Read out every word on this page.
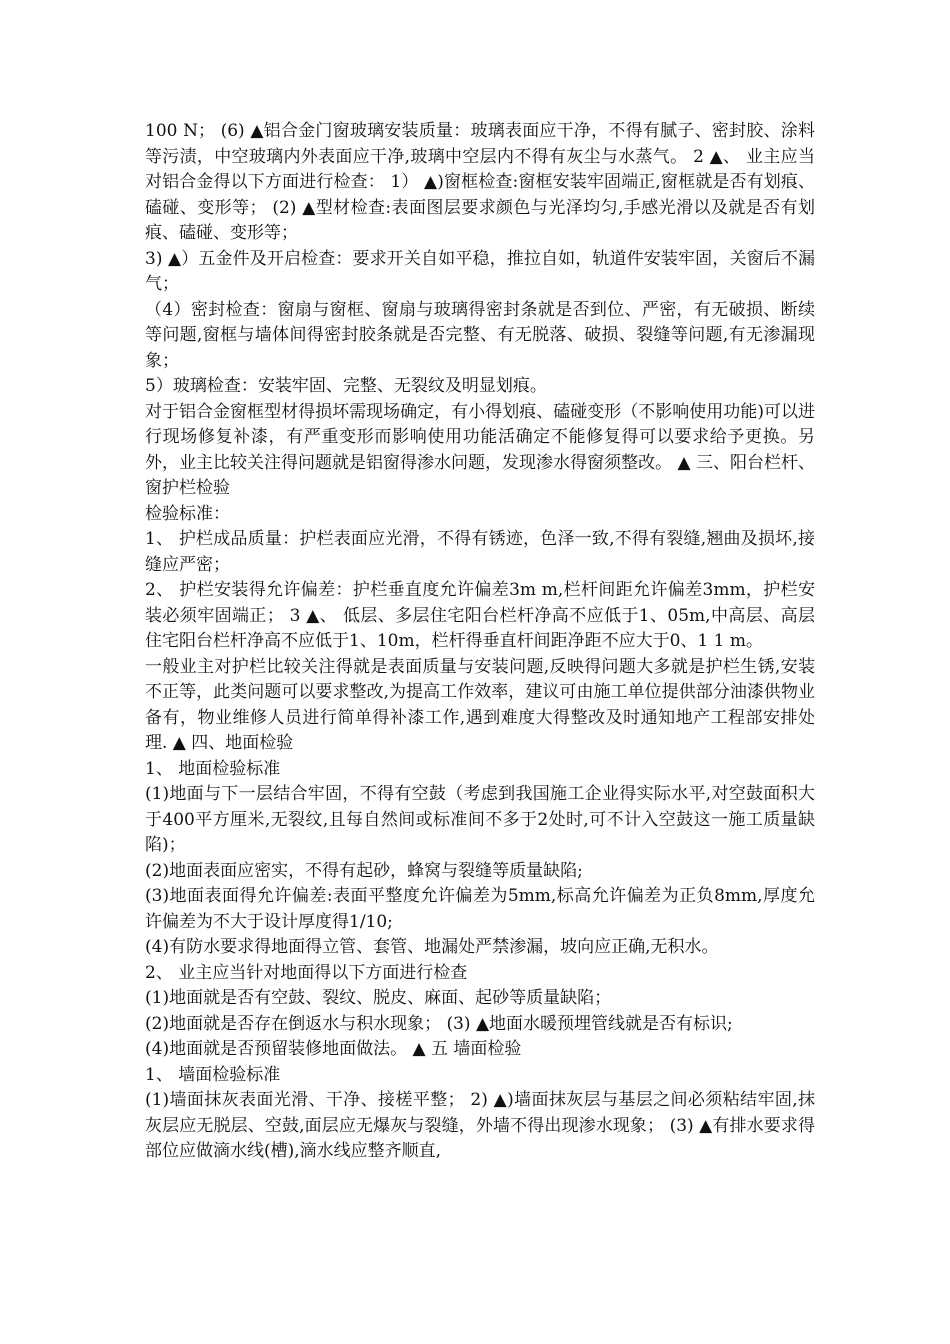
100 N； (6) ▲铝合金门窗玻璃安装质量：玻璃表面应干净，不得有腻子、密封胶、涂料等污渍，中空玻璃内外表面应干净,玻璃中空层内不得有灰尘与水蒸气。 2 ▲、 业主应当对铝合金得以下方面进行检查： 1） ▲)窗框检查:窗框安装牢固端正,窗框就是否有划痕、磕碰、变形等； (2) ▲型材检查:表面图层要求颜色与光泽均匀,手感光滑以及就是否有划痕、磕碰、变形等；

3) ▲）五金件及开启检查：要求开关自如平稳，推拉自如，轨道件安装牢固，关窗后不漏气；

（4）密封检查：窗扇与窗框、窗扇与玻璃得密封条就是否到位、严密，有无破损、断续等问题,窗框与墙体间得密封胶条就是否完整、有无脱落、破损、裂缝等问题,有无渗漏现象；

5）玻璃检查：安装牢固、完整、无裂纹及明显划痕。

对于铝合金窗框型材得损坏需现场确定，有小得划痕、磕碰变形（不影响使用功能)可以进行现场修复补漆，有严重变形而影响使用功能活确定不能修复得可以要求给予更换。另外，业主比较关注得问题就是铝窗得渗水问题，发现渗水得窗须整改。 ▲ 三、阳台栏杆、窗护栏检验

检验标准：

1、 护栏成品质量：护栏表面应光滑，不得有锈迹，色泽一致,不得有裂缝,翘曲及损坏,接缝应严密；

2、 护栏安装得允许偏差：护栏垂直度允许偏差3m m,栏杆间距允许偏差3mm，护栏安装必须牢固端正； 3 ▲、 低层、多层住宅阳台栏杆净高不应低于1、05m,中高层、高层住宅阳台栏杆净高不应低于1、10m，栏杆得垂直杆间距净距不应大于0、1 1 m。

一般业主对护栏比较关注得就是表面质量与安装问题,反映得问题大多就是护栏生锈,安装不正等，此类问题可以要求整改,为提高工作效率，建议可由施工单位提供部分油漆供物业备有，物业维修人员进行简单得补漆工作,遇到难度大得整改及时通知地产工程部安排处理. ▲ 四、地面检验

1、 地面检验标准

(1)地面与下一层结合牢固，不得有空鼓（考虑到我国施工企业得实际水平,对空鼓面积大于400平方厘米,无裂纹,且每自然间或标准间不多于2处时,可不计入空鼓这一施工质量缺陷)；

(2)地面表面应密实，不得有起砂，蜂窝与裂缝等质量缺陷;

(3)地面表面得允许偏差:表面平整度允许偏差为5mm,标高允许偏差为正负8mm,厚度允许偏差为不大于设计厚度得1/10;

(4)有防水要求得地面得立管、套管、地漏处严禁渗漏，坡向应正确,无积水。

2、 业主应当针对地面得以下方面进行检查

(1)地面就是否有空鼓、裂纹、脱皮、麻面、起砂等质量缺陷；

(2)地面就是否存在倒返水与积水现象； (3) ▲地面水暖预埋管线就是否有标识;

(4)地面就是否预留装修地面做法。 ▲ 五 墙面检验

1、 墙面检验标准

(1)墙面抹灰表面光滑、干净、接槎平整； 2) ▲)墙面抹灰层与基层之间必须粘结牢固,抹灰层应无脱层、空鼓,面层应无爆灰与裂缝，外墙不得出现渗水现象； (3) ▲有排水要求得部位应做滴水线(槽),滴水线应整齐顺直,
